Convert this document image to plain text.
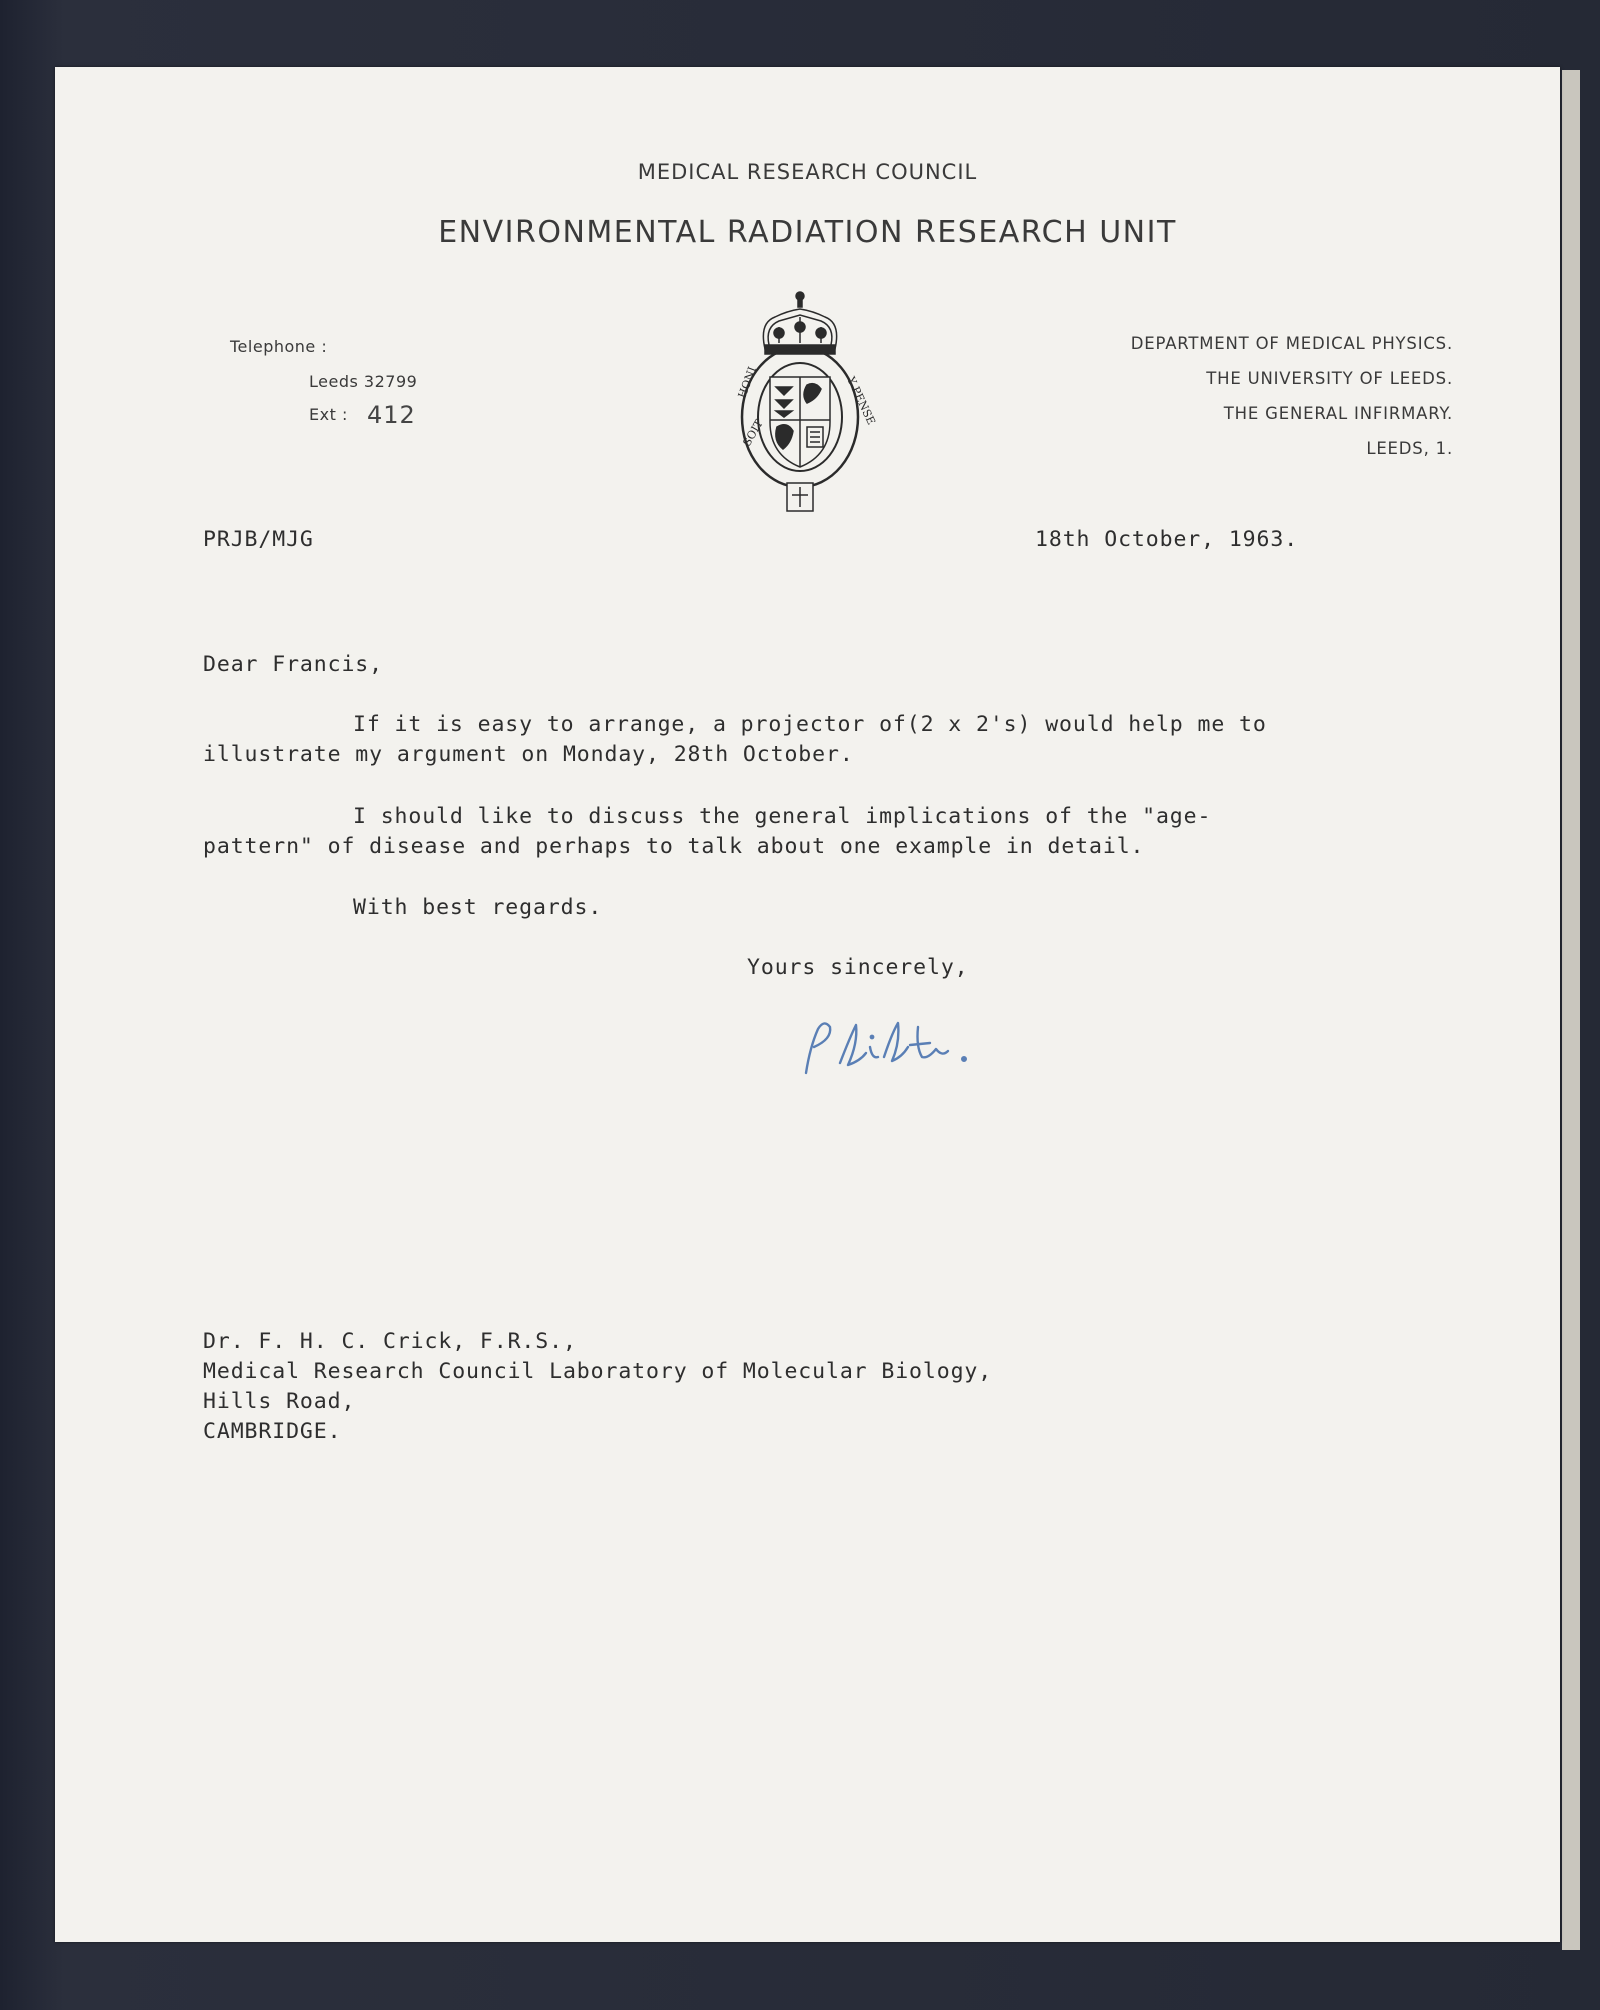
MEDICAL RESEARCH COUNCIL
ENVIRONMENTAL RADIATION RESEARCH UNIT
Telephone :
Leeds 32799
Ext : 412
HONI
SOIT
Y PENSE
DEPARTMENT OF MEDICAL PHYSICS.
THE UNIVERSITY OF LEEDS.
THE GENERAL INFIRMARY.
LEEDS, 1.
PRJB/MJG	18th October, 1963.
Dear Francis,
If it is easy to arrange, a projector of(2 x 2's) would help me to
illustrate my argument on Monday, 28th October.
I should like to discuss the general implications of the "age-
pattern" of disease and perhaps to talk about one example in detail.
With best regards.
Yours sincerely,
Dr. F. H. C. Crick, F.R.S.,
Medical Research Council Laboratory of Molecular Biology,
Hills Road,
CAMBRIDGE.
